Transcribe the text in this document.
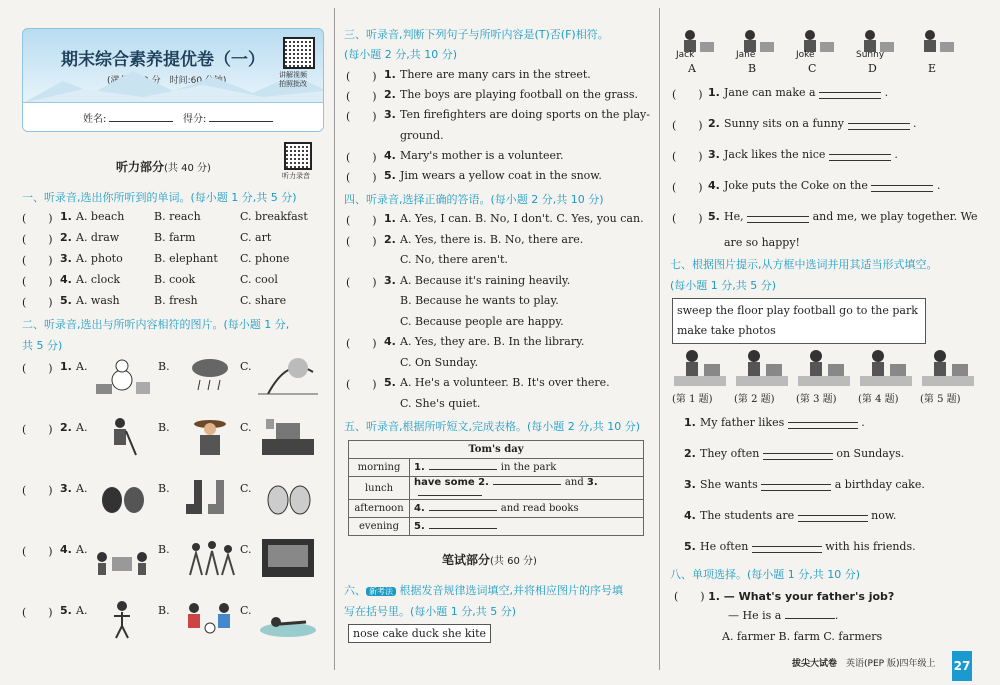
期末综合素养提优卷（一）
(满分:100 分　时间:60 分钟)
讲解视频
拍照批改
姓名:	得分:
听力部分(共 40 分)
听力录音
一、听录音,选出你所听到的单词。(每小题 1 分,共 5 分)
(　　) 1. A. beach	B. reach	C. breakfast
(　　) 2. A. draw	B. farm	C. art
(　　) 3. A. photo	B. elephant C. phone
(　　) 4. A. clock	B. cook	C. cool
(　　) 5. A. wash	B. fresh	C. share
二、听录音,选出与所听内容相符的图片。(每小题 1 分,
共 5 分)
(　　) 1. A.	B.	C.
(　　) 2. A.	B.	C.
(　　) 3. A.	B.	C.
(　　) 4. A.	B.	C.
(　　) 5. A.	B.	C.
三、听录音,判断下列句子与所听内容是(T)否(F)相符。
(每小题 2 分,共 10 分)
(　　) 1. There are many cars in the street.
(　　) 2. The boys are playing football on the grass.
(　　) 3. Ten firefighters are doing sports on the play-
ground.
(　　) 4. Mary's mother is a volunteer.
(　　) 5. Jim wears a yellow coat in the snow.
四、听录音,选择正确的答语。(每小题 2 分,共 10 分)
(　　) 1. A. Yes, I can. B. No, I don't. C. Yes, you can.
(　　) 2. A. Yes, there is. B. No, there are.
C. No, there aren't.
(　　) 3. A. Because it's raining heavily.
B. Because he wants to play.
C. Because people are happy.
(　　) 4. A. Yes, they are. B. In the library.
C. On Sunday.
(　　) 5. A. He's a volunteer. B. It's over there.
C. She's quiet.
五、听录音,根据所听短文,完成表格。(每小题 2 分,共 10 分)
Tom's day	
morning	1. in the park
lunch	have some 2. and 3.
afternoon	4. and read books
evening	5.
笔试部分(共 60 分)
六、 新考法 根据发音规律选词填空,并将相应图片的序号填
写在括号里。(每小题 1 分,共 5 分)
nose cake duck she kite
Jack
A
Jane
B
Joke
C
Sunny
D	E
(　　) 1. Jane can make a	.
(　　) 2. Sunny sits on a funny	.
(　　) 3. Jack likes the nice	.
(　　) 4. Joke puts the Coke on the	.
(　　) 5. He,	and me, we play together. We
are so happy!
七、根据图片提示,从方框中选词并用其适当形式填空。
(每小题 1 分,共 5 分)
sweep the floor play football go to the park
make take photos
(第 1 题) (第 2 题) (第 3 题) (第 4 题) (第 5 题)
1. My father likes	.
2. They often	on Sundays.
3. She wants	a birthday cake.
4. The students are	now.
5. He often	with his friends.
八、单项选择。(每小题 1 分,共 10 分)
(　　) 1. — What's your father's job?
— He is a	.
A. farmer B. farm C. farmers
拔尖大试卷　 英语(PEP 版)四年级上 27
